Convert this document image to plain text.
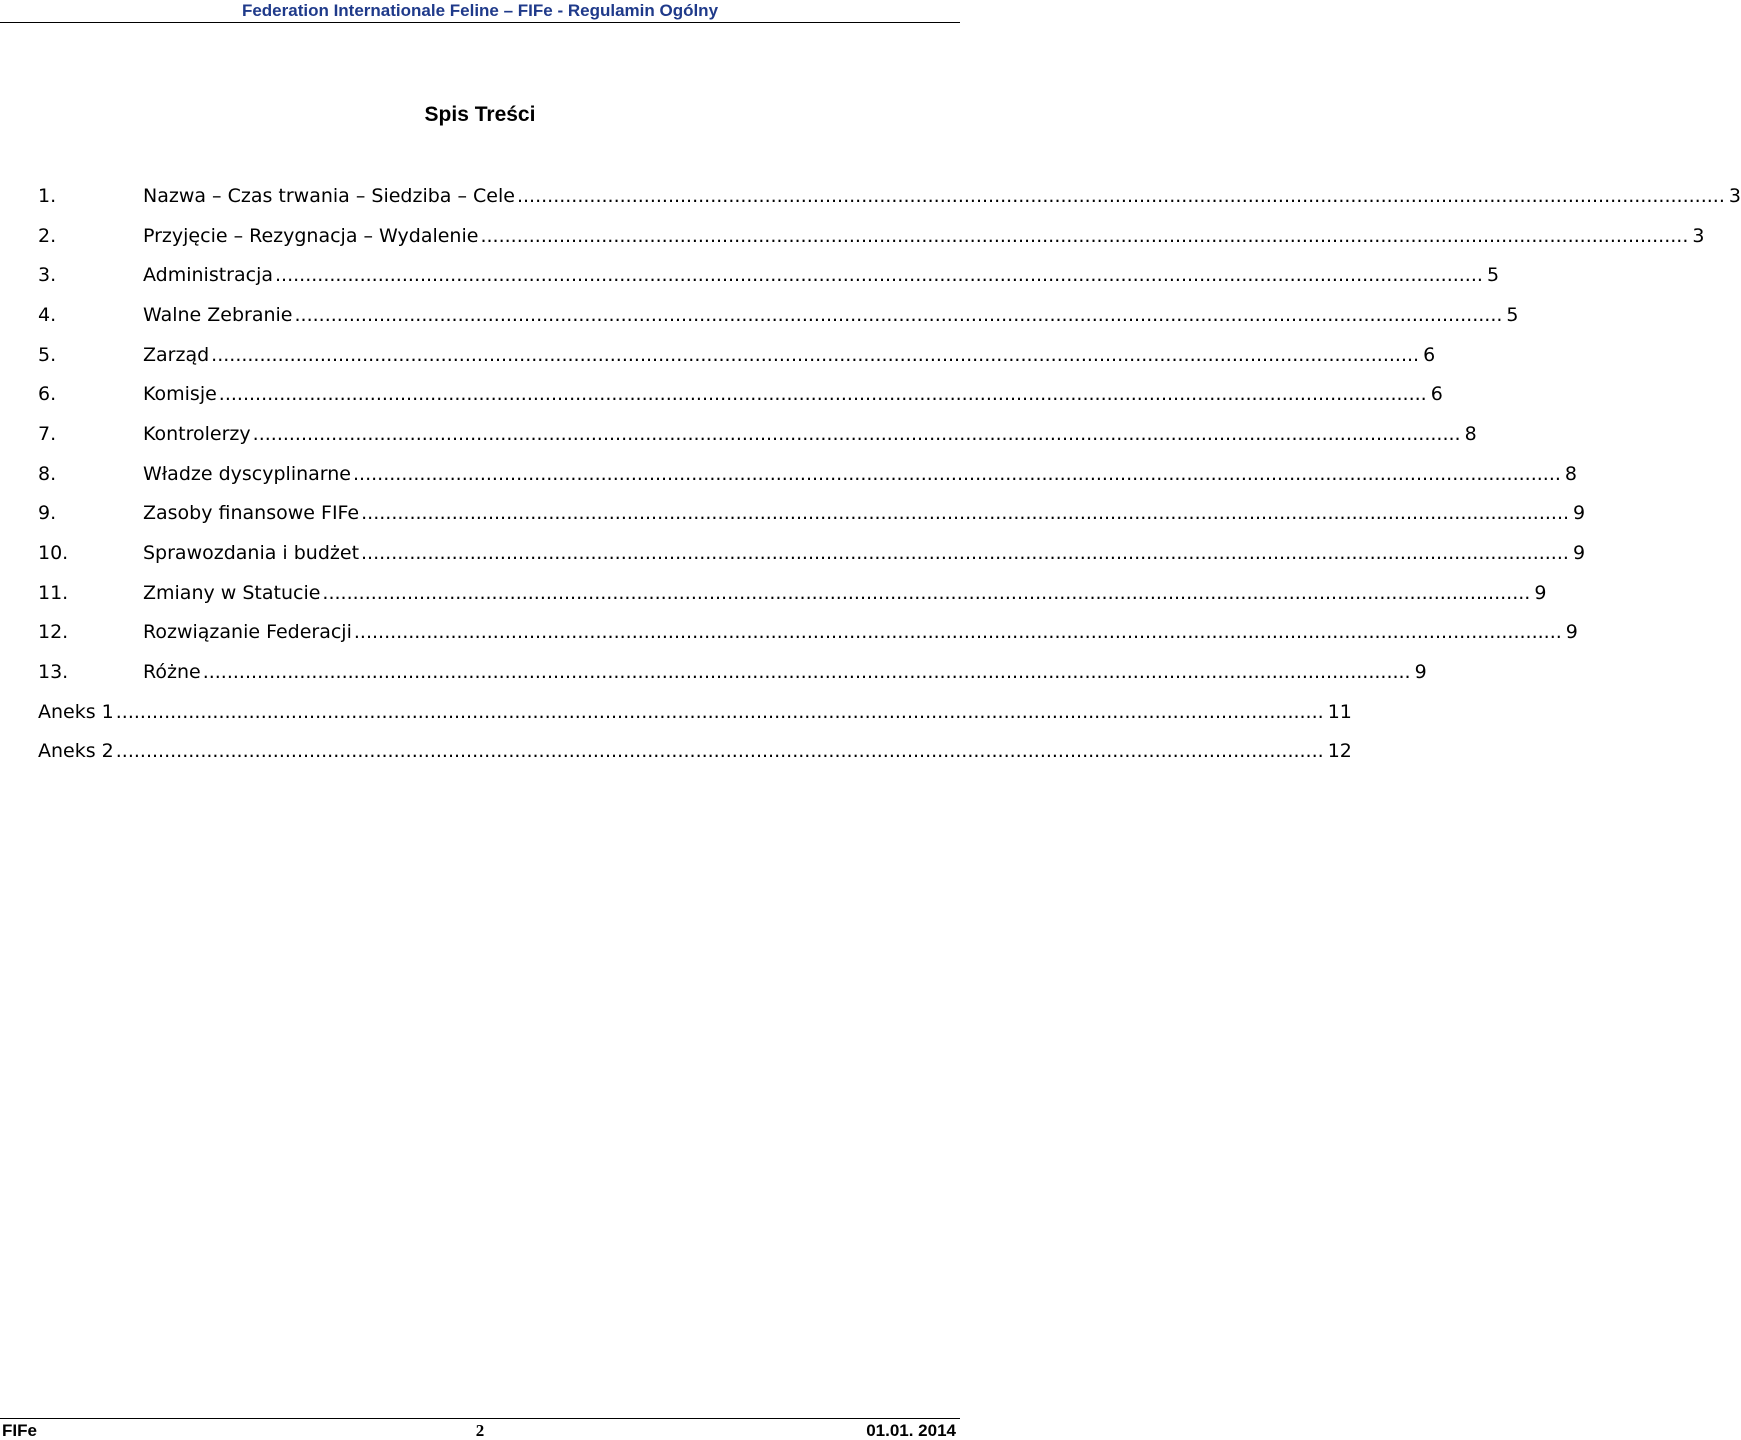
Federation Internationale Feline – FIFe - Regulamin Ogólny
Spis Treści
1.	Nazwa – Czas trwania – Siedziba – Cele ........................................................................................................................................................................................................ 3
2.	Przyjęcie – Rezygnacja – Wydalenie ........................................................................................................................................................................................................ 3
3.	Administracja ........................................................................................................................................................................................................ 5
4.	Walne Zebranie ........................................................................................................................................................................................................ 5
5.	Zarząd ........................................................................................................................................................................................................ 6
6.	Komisje ........................................................................................................................................................................................................ 6
7.	Kontrolerzy ........................................................................................................................................................................................................ 8
8.	Władze dyscyplinarne ........................................................................................................................................................................................................ 8
9.	Zasoby finansowe FIFe ........................................................................................................................................................................................................ 9
10.	Sprawozdania i budżet ........................................................................................................................................................................................................ 9
11.	Zmiany w Statucie ........................................................................................................................................................................................................ 9
12.	Rozwiązanie Federacji ........................................................................................................................................................................................................ 9
13.	Różne ........................................................................................................................................................................................................ 9
Aneks 1 ........................................................................................................................................................................................................ 11
Aneks 2 ........................................................................................................................................................................................................ 12
FIFe	2	01.01. 2014
